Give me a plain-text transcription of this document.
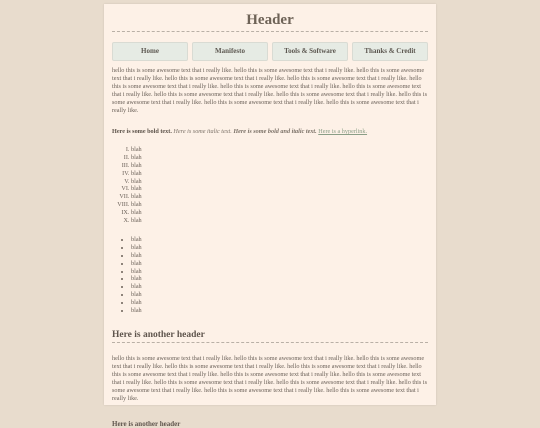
Header
Home	Manifesto	Tools & Software	Thanks & Credit

hello this is some awesome text that i really like. hello this is some awesome text that i really like. hello this is some awesome text that i really like. hello this is some awesome text that i really like. hello this is some awesome text that i really like. hello this is some awesome text that i really like. hello this is some awesome text that i really like. hello this is some awesome text that i really like. hello this is some awesome text that i really like. hello this is some awesome text that i really like. hello this is some awesome text that i really like. hello this is some awesome text that i really like. hello this is some awesome text that i really like.

Here is some bold text. Here is some italic text. Here is some bold and italic text. Here is a hyperlink.
I. blah
II. blah
III. blah
IV. blah
V. blah
VI. blah
VII. blah
VIII. blah
IX. blah
X. blah
• blah
• blah
• blah
• blah
• blah
• blah
• blah
• blah
• blah
• blah
Here is another header

hello this is some awesome text that i really like. hello this is some awesome text that i really like. hello this is some awesome text that i really like. hello this is some awesome text that i really like. hello this is some awesome text that i really like. hello this is some awesome text that i really like. hello this is some awesome text that i really like. hello this is some awesome text that i really like. hello this is some awesome text that i really like. hello this is some awesome text that i really like. hello this is some awesome text that i really like. hello this is some awesome text that i really like. hello this is some awesome text that i really like.

Here is another header
